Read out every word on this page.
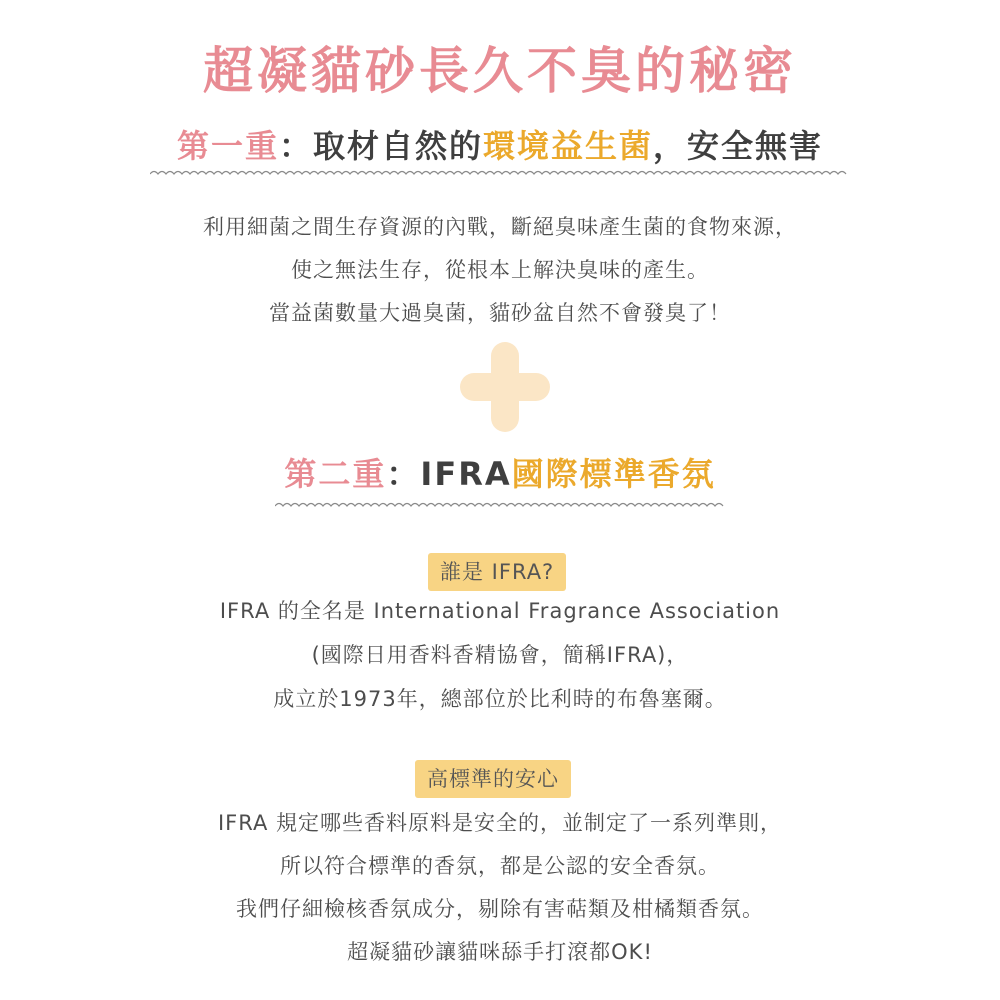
超凝貓砂長久不臭的秘密
第一重：取材自然的環境益生菌，安全無害
利用細菌之間生存資源的內戰，斷絕臭味產生菌的食物來源，
使之無法生存，從根本上解決臭味的產生。
當益菌數量大過臭菌，貓砂盆自然不會發臭了！
第二重：IFRA國際標準香氛
誰是 IFRA?
IFRA 的全名是 International Fragrance Association
(國際日用香料香精協會，簡稱IFRA)，
成立於1973年，總部位於比利時的布魯塞爾。
高標準的安心
IFRA 規定哪些香料原料是安全的，並制定了一系列準則，
所以符合標準的香氛，都是公認的安全香氛。
我們仔細檢核香氛成分，剔除有害萜類及柑橘類香氛。
超凝貓砂讓貓咪舔手打滾都OK!
